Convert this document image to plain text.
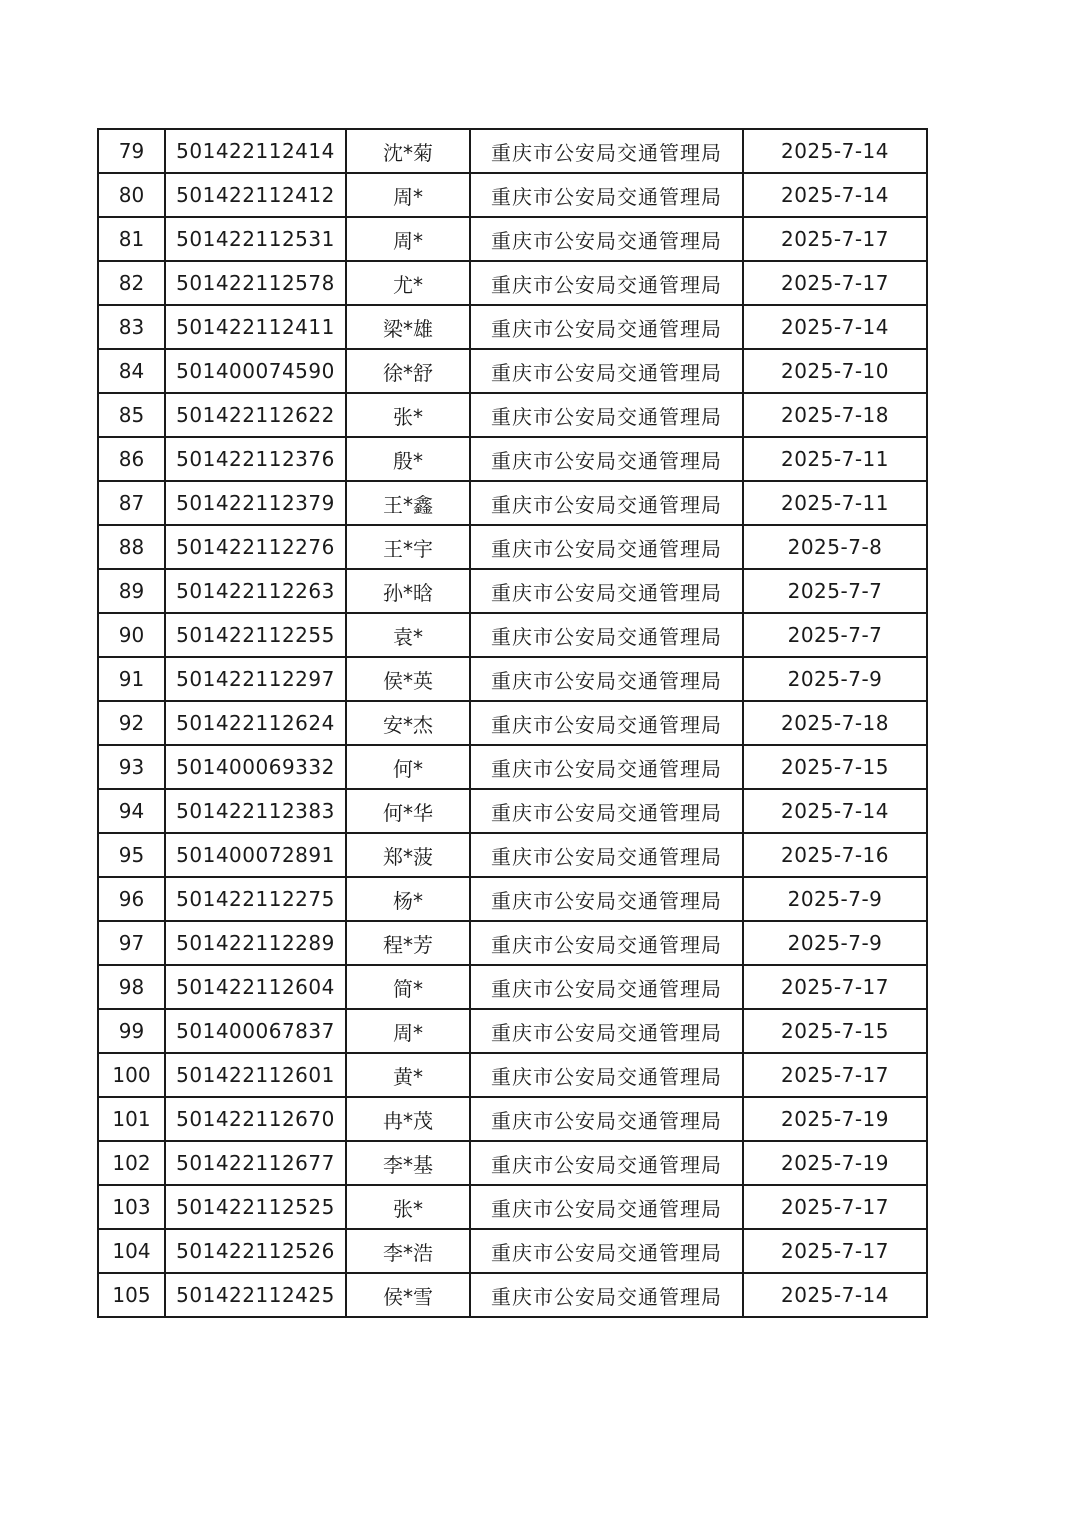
79	501422112414	沈*菊	重庆市公安局交通管理局	2025-7-14
80	501422112412	周*	重庆市公安局交通管理局	2025-7-14
81	501422112531	周*	重庆市公安局交通管理局	2025-7-17
82	501422112578	尤*	重庆市公安局交通管理局	2025-7-17
83	501422112411	梁*雄	重庆市公安局交通管理局	2025-7-14
84	501400074590	徐*舒	重庆市公安局交通管理局	2025-7-10
85	501422112622	张*	重庆市公安局交通管理局	2025-7-18
86	501422112376	殷*	重庆市公安局交通管理局	2025-7-11
87	501422112379	王*鑫	重庆市公安局交通管理局	2025-7-11
88	501422112276	王*宇	重庆市公安局交通管理局	2025-7-8
89	501422112263	孙*晗	重庆市公安局交通管理局	2025-7-7
90	501422112255	袁*	重庆市公安局交通管理局	2025-7-7
91	501422112297	侯*英	重庆市公安局交通管理局	2025-7-9
92	501422112624	安*杰	重庆市公安局交通管理局	2025-7-18
93	501400069332	何*	重庆市公安局交通管理局	2025-7-15
94	501422112383	何*华	重庆市公安局交通管理局	2025-7-14
95	501400072891	郑*菠	重庆市公安局交通管理局	2025-7-16
96	501422112275	杨*	重庆市公安局交通管理局	2025-7-9
97	501422112289	程*芳	重庆市公安局交通管理局	2025-7-9
98	501422112604	简*	重庆市公安局交通管理局	2025-7-17
99	501400067837	周*	重庆市公安局交通管理局	2025-7-15
100	501422112601	黄*	重庆市公安局交通管理局	2025-7-17
101	501422112670	冉*茂	重庆市公安局交通管理局	2025-7-19
102	501422112677	李*基	重庆市公安局交通管理局	2025-7-19
103	501422112525	张*	重庆市公安局交通管理局	2025-7-17
104	501422112526	李*浩	重庆市公安局交通管理局	2025-7-17
105	501422112425	侯*雪	重庆市公安局交通管理局	2025-7-14
